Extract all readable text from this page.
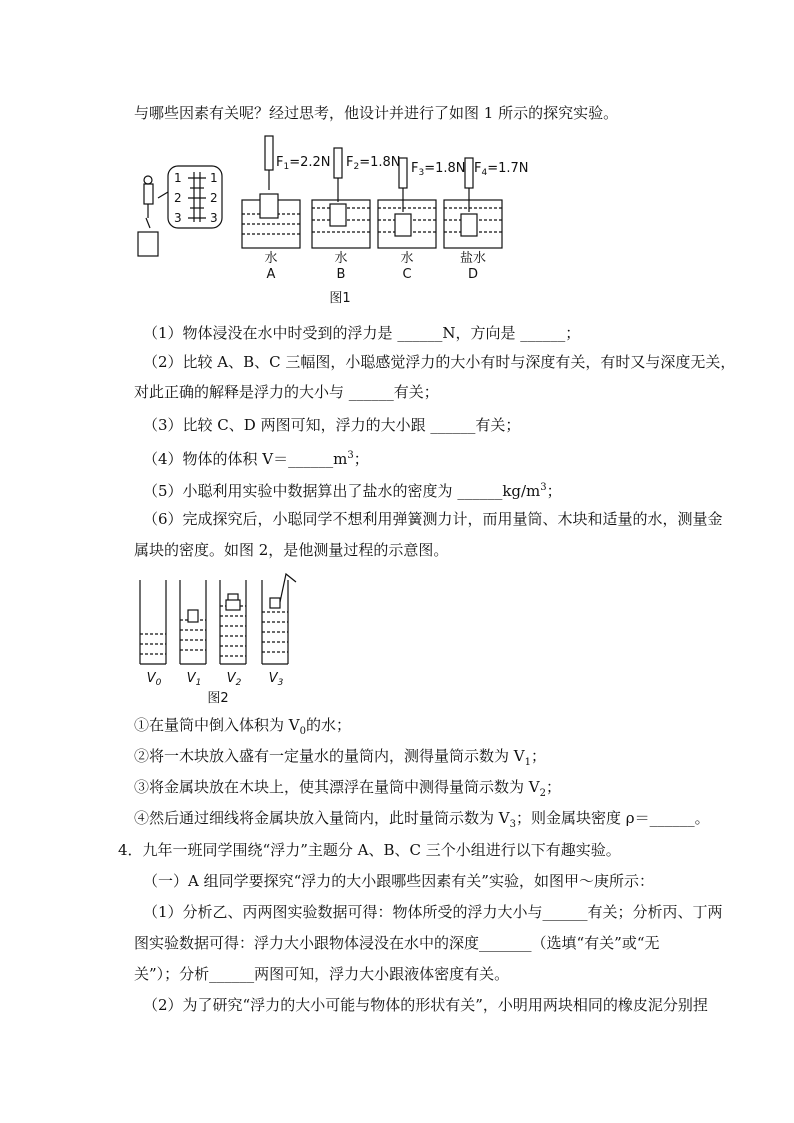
与哪些因素有关呢？经过思考，他设计并进行了如图 1 所示的探究实验。
1
2
3
1
2
3
$F_1=2.2N$ $F_2=1.8N$ $F_3=1.8N$ $F_4=1.7N$
水	水	水	盐水
A	B	C	D
图1
（1）物体浸没在水中时受到的浮力是 ______N，方向是 ______；
（2）比较 A、B、C 三幅图，小聪感觉浮力的大小有时与深度有关，有时又与深度无关，
对此正确的解释是浮力的大小与 ______有关；
（3）比较 C、D 两图可知，浮力的大小跟 ______有关；
（4）物体的体积 $V=\_\_\_\_\_\_m^3$；
（5）小聪利用实验中数据算出了盐水的密度为 $\_\_\_\_\_\_kg/m^3$；
（6）完成探究后，小聪同学不想利用弹簧测力计，而用量筒、木块和适量的水，测量金
属块的密度。如图 2，是他测量过程的示意图。
$V_0$ $V_1$ $V_2$ $V_3$
图2
①在量筒中倒入体积为 $V_0$的水；
②将一木块放入盛有一定量水的量筒内，测得量筒示数为 $V_1$；
③将金属块放在木块上，使其漂浮在量筒中测得量筒示数为 $V_2$；
④然后通过细线将金属块放入量筒内，此时量筒示数为 $V_3$；则金属块密度 ρ＝______。
4．九年一班同学围绕“浮力”主题分 A、B、C 三个小组进行以下有趣实验。
（一）A 组同学要探究“浮力的大小跟哪些因素有关”实验，如图甲～庚所示：
（1）分析乙、丙两图实验数据可得：物体所受的浮力大小与______有关；分析丙、丁两
图实验数据可得：浮力大小跟物体浸没在水中的深度_______（选填“有关”或“无
关”）；分析______两图可知，浮力大小跟液体密度有关。
（2）为了研究“浮力的大小可能与物体的形状有关”，小明用两块相同的橡皮泥分别捏
